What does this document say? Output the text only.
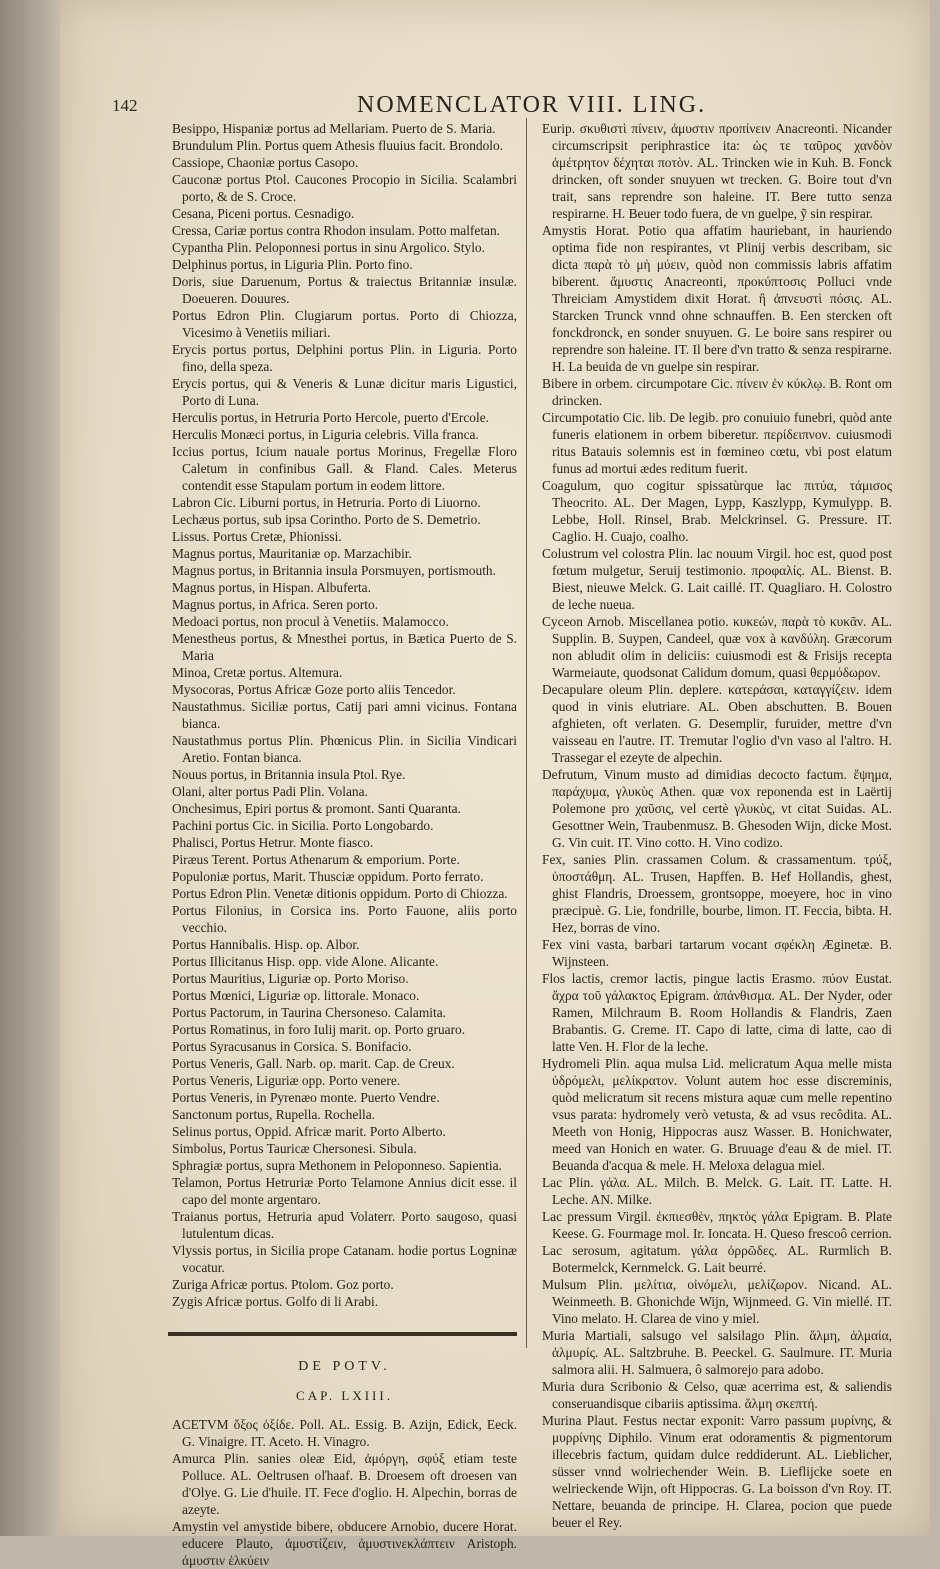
142	NOMENCLATOR VIII. LING.

Besippo, Hispaniæ portus ad Mellariam. Puerto de S. Maria.

Brundulum Plin. Portus quem Athesis fluuius facit. Brondolo.

Cassiope, Chaoniæ portus Casopo.

Cauconæ portus Ptol. Caucones Procopio in Sicilia. Scalambri porto, & de S. Croce.

Cesana, Piceni portus. Cesnadigo.

Cressa, Cariæ portus contra Rhodon insulam. Potto malfetan.

Cypantha Plin. Peloponnesi portus in sinu Argolico. Stylo.

Delphinus portus, in Liguria Plin. Porto fino.

Doris, siue Daruenum, Portus & traiectus Britanniæ insulæ. Doeueren. Douures.

Portus Edron Plin. Clugiarum portus. Porto di Chiozza, Vicesimo à Venetiis miliari.

Erycis portus portus, Delphini portus Plin. in Liguria. Porto fino, della speza.

Erycis portus, qui & Veneris & Lunæ dicitur maris Ligustici, Porto di Luna.

Herculis portus, in Hetruria Porto Hercole, puerto d'Ercole.

Herculis Monæci portus, in Liguria celebris. Villa franca.

Iccius portus, Icium nauale portus Morinus, Fregellæ Floro Caletum in confinibus Gall. & Fland. Cales. Meterus contendit esse Stapulam portum in eodem littore.

Labron Cic. Liburni portus, in Hetruria. Porto di Liuorno.

Lechæus portus, sub ipsa Corintho. Porto de S. Demetrio.

Lissus. Portus Cretæ, Phionissi.

Magnus portus, Mauritaniæ op. Marzachibir.

Magnus portus, in Britannia insula Porsmuyen, portismouth.

Magnus portus, in Hispan. Albuferta.

Magnus portus, in Africa. Seren porto.

Medoaci portus, non procul à Venetiis. Malamocco.

Menestheus portus, & Mnesthei portus, in Bætica Puerto de S. Maria

Minoa, Cretæ portus. Altemura.

Mysocoras, Portus Africæ Goze porto aliis Tencedor.

Naustathmus. Siciliæ portus, Catij pari amni vicinus. Fontana bianca.

Naustathmus portus Plin. Phœnicus Plin. in Sicilia Vindicari Aretio. Fontan bianca.

Nouus portus, in Britannia insula Ptol. Rye.

Olani, alter portus Padi Plin. Volana.

Onchesimus, Epiri portus & promont. Santi Quaranta.

Pachini portus Cic. in Sicilia. Porto Longobardo.

Phalisci, Portus Hetrur. Monte fiasco.

Piræus Terent. Portus Athenarum & emporium. Porte.

Populoniæ portus, Marit. Thusciæ oppidum. Porto ferrato.

Portus Edron Plin. Venetæ ditionis oppidum. Porto di Chiozza.

Portus Filonius, in Corsica ins. Porto Fauone, aliis porto vecchio.

Portus Hannibalis. Hisp. op. Albor.

Portus Illicitanus Hisp. opp. vide Alone. Alicante.

Portus Mauritius, Liguriæ op. Porto Moriso.

Portus Mœnici, Liguriæ op. littorale. Monaco.

Portus Pactorum, in Taurina Chersoneso. Calamita.

Portus Romatinus, in foro Iulij marit. op. Porto gruaro.

Portus Syracusanus in Corsica. S. Bonifacio.

Portus Veneris, Gall. Narb. op. marit. Cap. de Creux.

Portus Veneris, Liguriæ opp. Porto venere.

Portus Veneris, in Pyrenæo monte. Puerto Vendre.

Sanctonum portus, Rupella. Rochella.

Selinus portus, Oppid. Africæ marit. Porto Alberto.

Simbolus, Portus Tauricæ Chersonesi. Sibula.

Sphragiæ portus, supra Methonem in Peloponneso. Sapientia.

Telamon, Portus Hetruriæ Porto Telamone Annius dicit esse. il capo del monte argentaro.

Traianus portus, Hetruria apud Volaterr. Porto saugoso, quasi lutulentum dicas.

Vlyssis portus, in Sicilia prope Catanam. hodie portus Logninæ vocatur.

Zuriga Africæ portus. Ptolom. Goz porto.

Zygis Africæ portus. Golfo di li Arabi.

DE POTV.

CAP. LXIII.

ACETVM ὄξος ὀξίδε. Poll. AL. Essig. B. Azijn, Edick, Eeck. G. Vinaigre. IT. Aceto. H. Vinagro.

Amurca Plin. sanies oleæ Eid, ἀμόργη, σφύξ etiam teste Polluce. AL. Oeltrusen oľhaaf. B. Droesem oft droesen van d'Olye. G. Lie d'huile. IT. Fece d'oglio. H. Alpechin, borras de azeyte.

Amystin vel amystide bibere, obducere Arnobio, ducere Horat. educere Plauto, ἀμυστίζειν, ἀμυστινεκλάπτειν Aristoph. ἀμυστιν ἑλκύειν

Eurip. σκυθιστὶ πίνειν, ἀμυστιν προπίνειν Anacreonti. Nicander circumscripsit periphrastice ita: ὡς τε ταῦρος χανδὸν ἀμέτρητον δέχηται ποτὸν. AL. Trincken wie in Kuh. B. Fonck drincken, oft sonder snuyuen wt trecken. G. Boire tout d'vn trait, sans reprendre son haleine. IT. Bere tutto senza respirarne. H. Beuer todo fuera, de vn guelpe, ỹ sin respirar.

Amystis Horat. Potio qua affatim hauriebant, in hauriendo optima fide non respirantes, vt Plinij verbis describam, sic dicta παρὰ τὸ μὴ μύειν, quòd non commissis labris affatim biberent. ἄμυστις Anacreonti, προκύπτοσις Polluci vnde Threiciam Amystidem dixit Horat. ἢ ἀπνευστὶ πόσις. AL. Starcken Trunck vnnd ohne schnauffen. B. Een stercken oft fonckdronck, en sonder snuyuen. G. Le boire sans respirer ou reprendre son haleine. IT. Il bere d'vn tratto & senza respirarne. H. La beuida de vn guelpe sin respirar.

Bibere in orbem. circumpotare Cic. πίνειν ἐν κύκλῳ. B. Ront om drincken.

Circumpotatio Cic. lib. De legib. pro conuiuio funebri, quòd ante funeris elationem in orbem biberetur. περίδειπνον. cuiusmodi ritus Batauis solemnis est in fœmineo cœtu, vbi post elatum funus ad mortui ædes reditum fuerit.

Coagulum, quo cogitur spissatùrque lac πιτύα, τάμισος Theocrito. AL. Der Magen, Lypp, Kaszlypp, Kymulypp. B. Lebbe, Holl. Rinsel, Brab. Melckrinsel. G. Pressure. IT. Caglio. H. Cuajo, coalho.

Colustrum vel colostra Plin. lac nouum Virgil. hoc est, quod post fœtum mulgetur, Seruij testimonio. προφαλίς. AL. Bienst. B. Biest, nieuwe Melck. G. Lait caillé. IT. Quagliaro. H. Colostro de leche nueua.

Cyceon Arnob. Miscellanea potio. κυκεών, παρὰ τὸ κυκᾶν. AL. Supplin. B. Suypen, Candeel, quæ vox à κανδύλη. Græcorum non abludit olim in deliciis: cuiusmodi est & Frisijs recepta Warmeiaute, quodsonat Calidum domum, quasi θερμόδωρον.

Decapulare oleum Plin. deplere. κατεράσαι, καταγγίζειν. idem quod in vinis elutriare. AL. Oben abschutten. B. Bouen afghieten, oft verlaten. G. Desemplir, furuider, mettre d'vn vaisseau en l'autre. IT. Tremutar l'oglio d'vn vaso al l'altro. H. Trassegar el ezeyte de alpechin.

Defrutum, Vinum musto ad dimidias decocto factum. ἕψημα, παράχυμα, γλυκὺς Athen. quæ vox reponenda est in Laërtij Polemone pro χαῦσις, vel certè γλυκὺς, vt citat Suidas. AL. Gesottner Wein, Traubenmusz. B. Ghesoden Wijn, dicke Most. G. Vin cuit. IT. Vino cotto. H. Vino codizo.

Fex, sanies Plin. crassamen Colum. & crassamentum. τρύξ, ὑποστάθμη. AL. Trusen, Hapffen. B. Hef Hollandis, ghest, ghist Flandris, Droessem, grontsoppe, moeyere, hoc in vino præcipuè. G. Lie, fondrille, bourbe, limon. IT. Feccia, bibta. H. Hez, borras de vino.

Fex vini vasta, barbari tartarum vocant σφέκλη Æginetæ. B. Wijnsteen.

Flos lactis, cremor lactis, pingue lactis Erasmo. πύον Eustat. ἄχρα τοῦ γάλακτος Epigram. ἀπάνθισμα. AL. Der Nyder, oder Ramen, Milchraum B. Room Hollandis & Flandris, Zaen Brabantis. G. Creme. IT. Capo di latte, cima di latte, cao di latte Ven. H. Flor de la leche.

Hydromeli Plin. aqua mulsa Lid. melicratum Aqua melle mista ὑδρόμελι, μελίκρατον. Volunt autem hoc esse discreminis, quòd melicratum sit recens mistura aquæ cum melle repentino vsus parata: hydromely verò vetusta, & ad vsus recôdita. AL. Meeth von Honig, Hippocras ausz Wasser. B. Honichwater, meed van Honich en water. G. Bruuage d'eau & de miel. IT. Beuanda d'acqua & mele. H. Meloxa delagua miel.

Lac Plin. γάλα. AL. Milch. B. Melck. G. Lait. IT. Latte. H. Leche. AN. Milke.

Lac pressum Virgil. ἐκπιεσθὲν, πηκτὸς γάλα Epigram. B. Plate Keese. G. Fourmage mol. Ir. Ioncata. H. Queso frescoô cerrion.

Lac serosum, agitatum. γάλα ὀρρῶδες. AL. Rurmlich B. Botermelck, Kernmelck. G. Lait beurré.

Mulsum Plin. μελίτια, οἰνόμελι, μελίζωρον. Nicand. AL. Weinmeeth. B. Ghonichde Wijn, Wijnmeed. G. Vin miellé. IT. Vino melato. H. Clarea de vino y miel.

Muria Martiali, salsugo vel salsilago Plin. ἅλμη, ἁλμαία, ἁλμυρίς. AL. Saltzbruhe. B. Peeckel. G. Saulmure. IT. Muria salmora alii. H. Salmuera, ô salmorejo para adobo.

Muria dura Scribonio & Celso, quæ acerrima est, & saliendis conseruandisque cibariis aptissima. ἅλμη σκεπτή.

Murina Plaut. Festus nectar exponit: Varro passum μυρίνης, & μυρρίνης Diphilo. Vinum erat odoramentis & pigmentorum illecebris factum, quidam dulce reddiderunt. AL. Lieblicher, süsser vnnd wolriechender Wein. B. Lieflijcke soete en welrieckende Wijn, oft Hippocras. G. La boisson d'vn Roy. IT. Nettare, beuanda de principe. H. Clarea, pocion que puede beuer el Rey.
